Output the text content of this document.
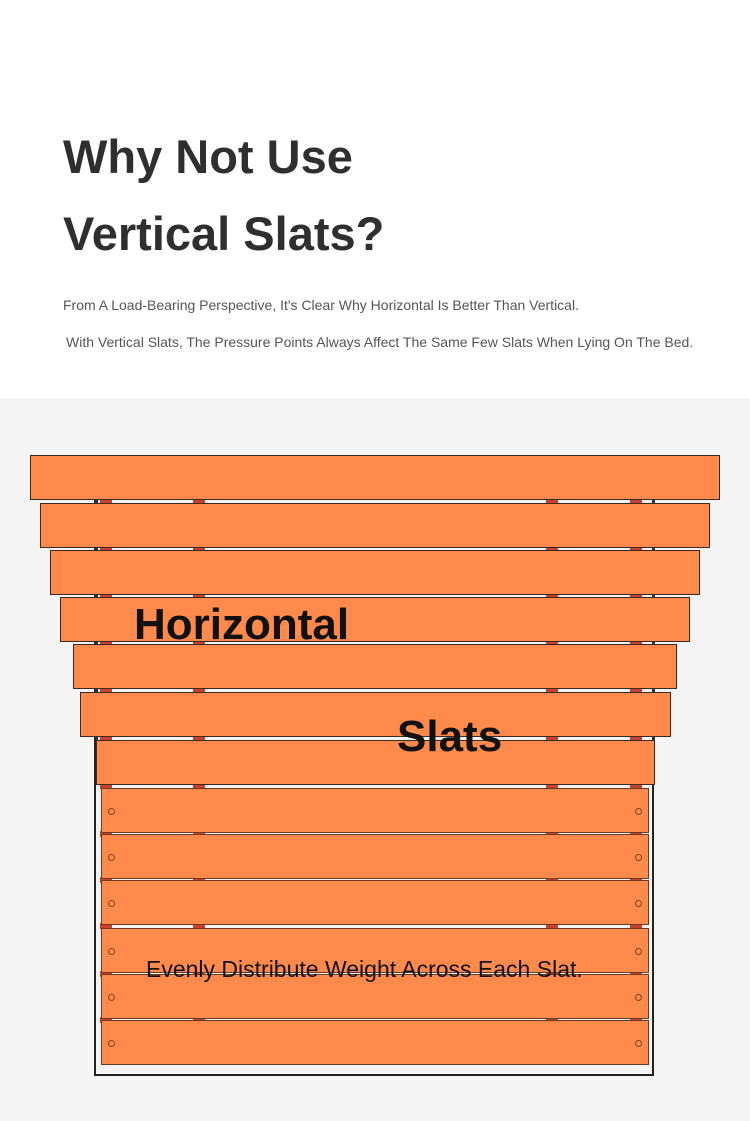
Why Not Use
Vertical Slats?

From A Load-Bearing Perspective, It's Clear Why Horizontal Is Better Than Vertical.

With Vertical Slats, The Pressure Points Always Affect The Same Few Slats When Lying On The Bed.

Horizontal
Slats
Evenly Distribute Weight Across Each Slat.
